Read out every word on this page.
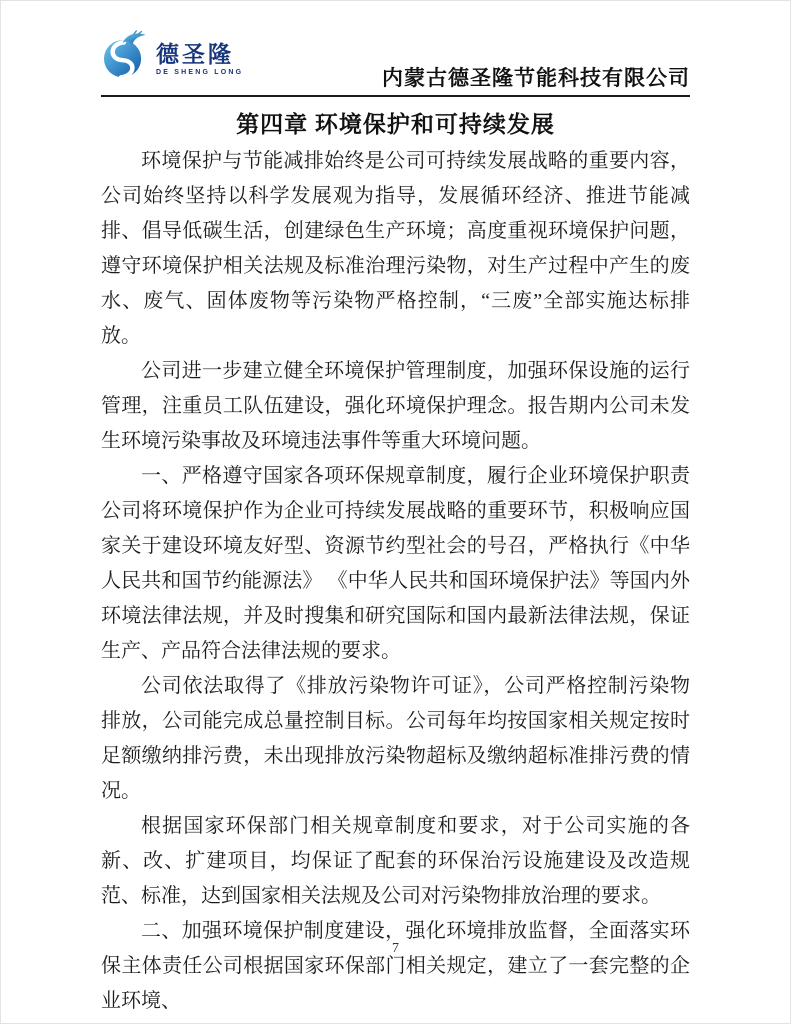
德圣隆
DE SHENG LONG	内蒙古德圣隆节能科技有限公司
第四章 环境保护和可持续发展

环境保护与节能减排始终是公司可持续发展战略的重要内容，公司始终坚持以科学发展观为指导，发展循环经济、推进节能减排、倡导低碳生活，创建绿色生产环境；高度重视环境保护问题，遵守环境保护相关法规及标准治理污染物，对生产过程中产生的废水、废气、固体废物等污染物严格控制，“三废”全部实施达标排放。

公司进一步建立健全环境保护管理制度，加强环保设施的运行管理，注重员工队伍建设，强化环境保护理念。报告期内公司未发生环境污染事故及环境违法事件等重大环境问题。

一、严格遵守国家各项环保规章制度，履行企业环境保护职责公司将环境保护作为企业可持续发展战略的重要环节，积极响应国家关于建设环境友好型、资源节约型社会的号召，严格执行《中华人民共和国节约能源法》 《中华人民共和国环境保护法》等国内外环境法律法规，并及时搜集和研究国际和国内最新法律法规，保证生产、产品符合法律法规的要求。

公司依法取得了《排放污染物许可证》，公司严格控制污染物排放，公司能完成总量控制目标。公司每年均按国家相关规定按时足额缴纳排污费，未出现排放污染物超标及缴纳超标准排污费的情况。

根据国家环保部门相关规章制度和要求，对于公司实施的各新、改、扩建项目，均保证了配套的环保治污设施建设及改造规范、标准，达到国家相关法规及公司对污染物排放治理的要求。

二、加强环境保护制度建设，强化环境排放监督，全面落实环保主体责任公司根据国家环保部门相关规定，建立了一套完整的企业环境、

7
